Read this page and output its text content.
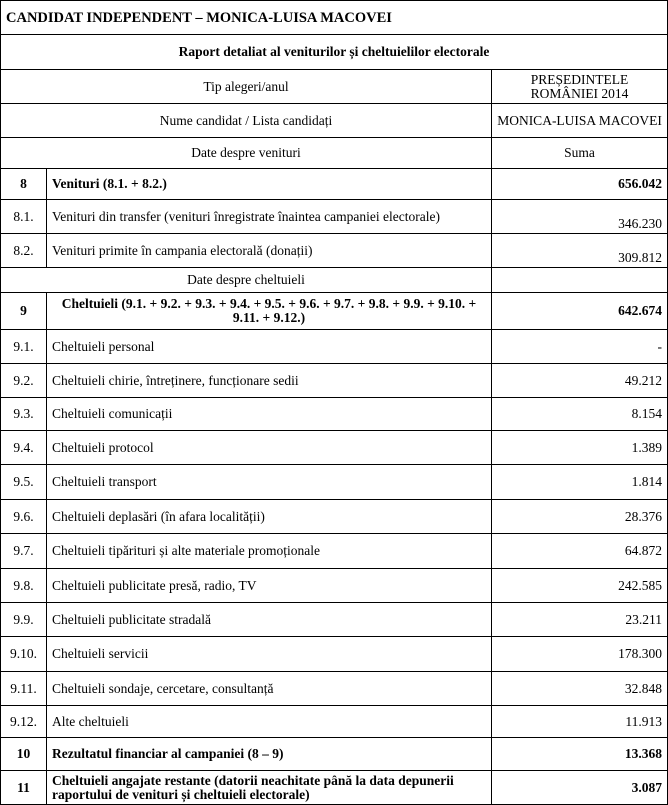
CANDIDAT INDEPENDENT – MONICA-LUISA MACOVEI		
Raport detaliat al veniturilor și cheltuielilor electorale		
Tip alegeri/anul		PREȘEDINTELE ROMÂNIEI 2014
Nume candidat / Lista candidați		MONICA-LUISA MACOVEI
Date despre venituri		Suma
8	Venituri (8.1. + 8.2.)	656.042
8.1.	Venituri din transfer (venituri înregistrate înaintea campaniei electorale)	346.230
8.2.	Venituri primite în campania electorală (donații)	309.812
Date despre cheltuieli		
9	Cheltuieli (9.1. + 9.2. + 9.3. + 9.4. + 9.5. + 9.6. + 9.7. + 9.8. + 9.9. + 9.10. + 9.11. + 9.12.)	642.674
9.1.	Cheltuieli personal	-
9.2.	Cheltuieli chirie, întreținere, funcționare sedii	49.212
9.3.	Cheltuieli comunicații	8.154
9.4.	Cheltuieli protocol	1.389
9.5.	Cheltuieli transport	1.814
9.6.	Cheltuieli deplasări (în afara localității)	28.376
9.7.	Cheltuieli tipărituri și alte materiale promoționale	64.872
9.8.	Cheltuieli publicitate presă, radio, TV	242.585
9.9.	Cheltuieli publicitate stradală	23.211
9.10.	Cheltuieli servicii	178.300
9.11.	Cheltuieli sondaje, cercetare, consultanță	32.848
9.12.	Alte cheltuieli	11.913
10	Rezultatul financiar al campaniei (8 – 9)	13.368
11	Cheltuieli angajate restante (datorii neachitate până la data depunerii raportului de venituri și cheltuieli electorale)	3.087
